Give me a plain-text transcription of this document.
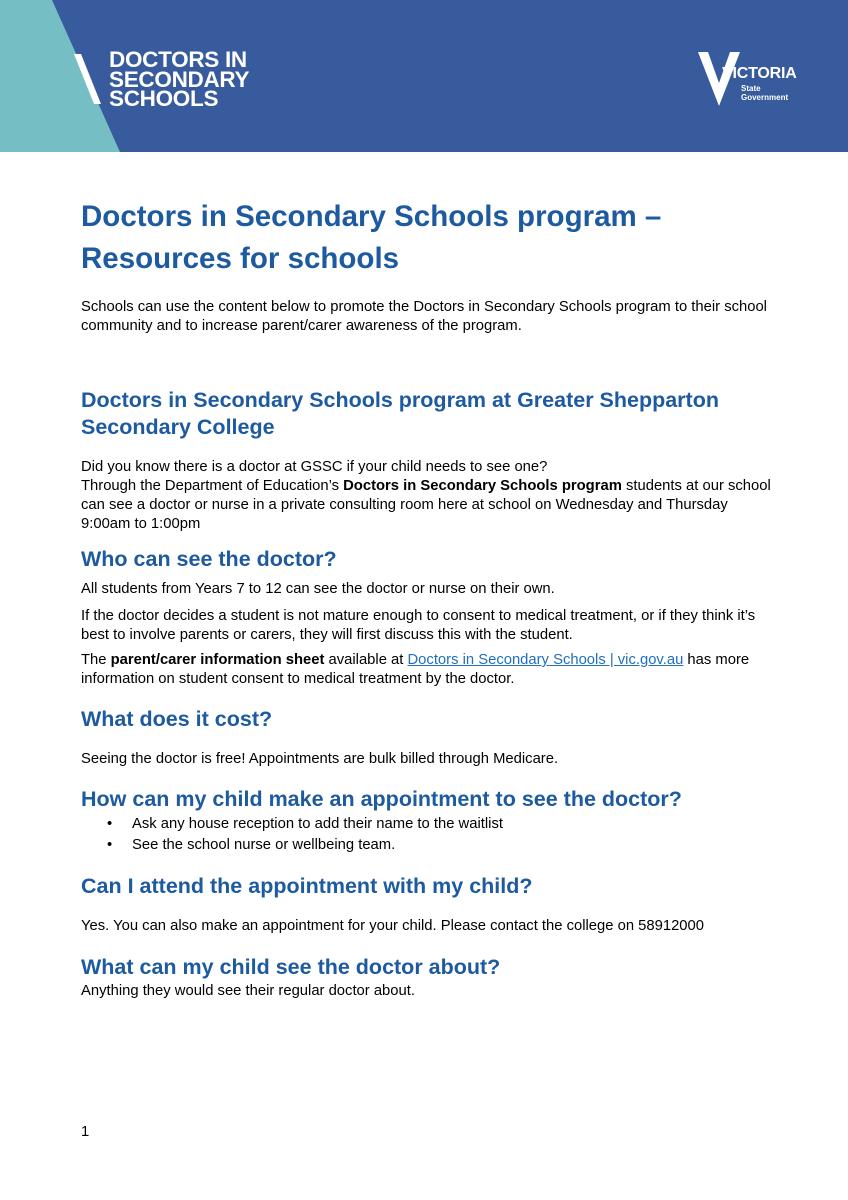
DOCTORS IN
SECONDARY
SCHOOLS
VICTORIA
State
Government
Doctors in Secondary Schools program –
Resources for schools

Schools can use the content below to promote the Doctors in Secondary Schools program to their school community and to increase parent/carer awareness of the program.

Doctors in Secondary Schools program at Greater Shepparton Secondary College

Did you know there is a doctor at GSSC if your child needs to see one?
Through the Department of Education’s Doctors in Secondary Schools program students at our school can see a doctor or nurse in a private consulting room here at school on Wednesday and Thursday 9:00am to 1:00pm

Who can see the doctor?

All students from Years 7 to 12 can see the doctor or nurse on their own.

If the doctor decides a student is not mature enough to consent to medical treatment, or if they think it’s best to involve parents or carers, they will first discuss this with the student.

The parent/carer information sheet available at Doctors in Secondary Schools | vic.gov.au has more information on student consent to medical treatment by the doctor.

What does it cost?

Seeing the doctor is free! Appointments are bulk billed through Medicare.

How can my child make an appointment to see the doctor?
• Ask any house reception to add their name to the waitlist
• See the school nurse or wellbeing team.
Can I attend the appointment with my child?

Yes. You can also make an appointment for your child. Please contact the college on 58912000

What can my child see the doctor about?

Anything they would see their regular doctor about.

1
